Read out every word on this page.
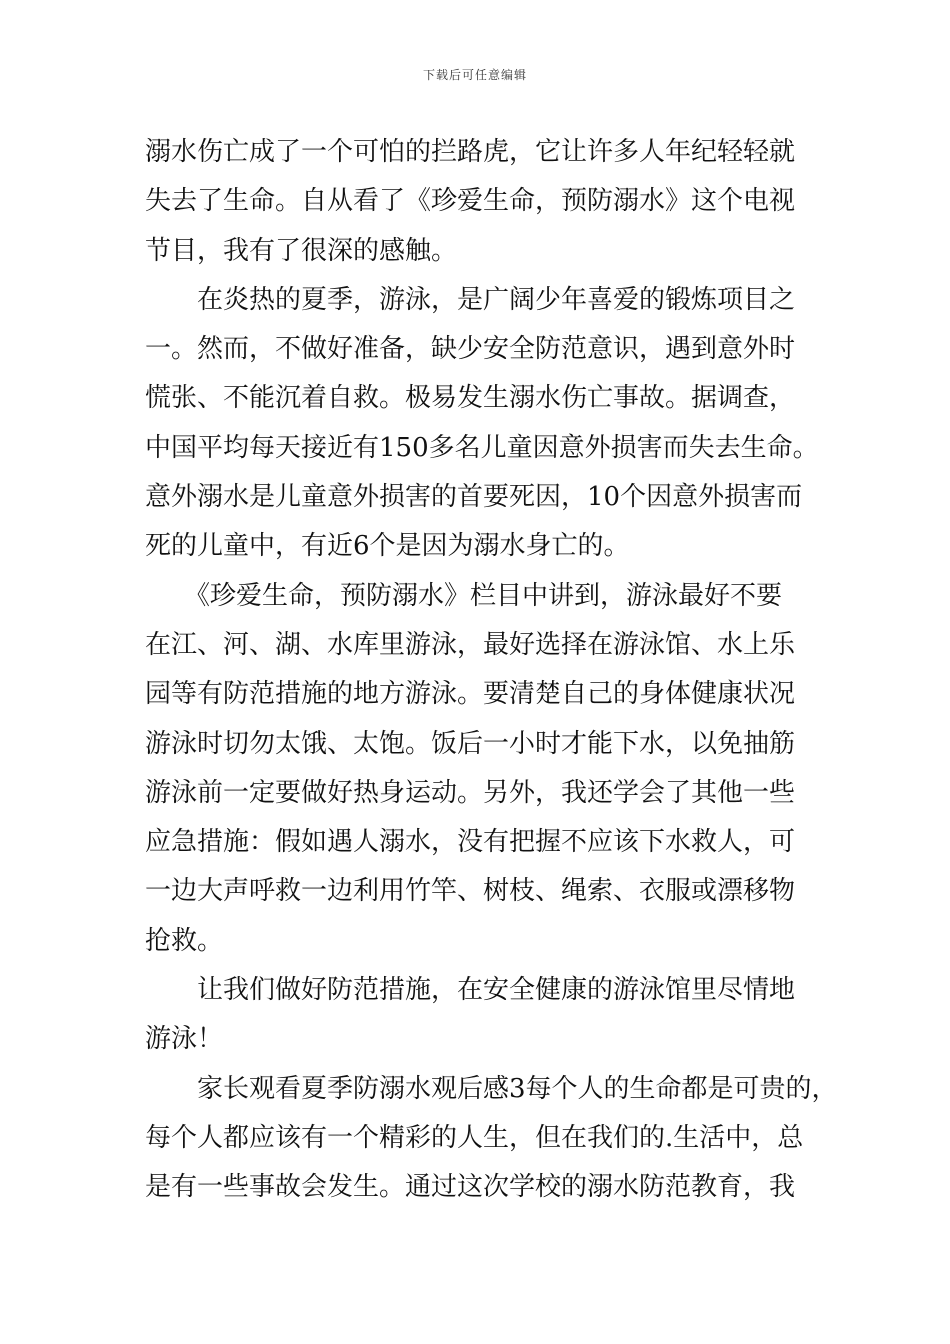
下载后可任意编辑
溺水伤亡成了一个可怕的拦路虎，它让许多人年纪轻轻就
失去了生命。自从看了《珍爱生命，预防溺水》这个电视
节目，我有了很深的感触。
　　在炎热的夏季，游泳，是广阔少年喜爱的锻炼项目之
一。然而，不做好准备，缺少安全防范意识，遇到意外时
慌张、不能沉着自救。极易发生溺水伤亡事故。据调查，
中国平均每天接近有150多名儿童因意外损害而失去生命。
意外溺水是儿童意外损害的首要死因，10个因意外损害而
死的儿童中，有近6个是因为溺水身亡的。
　　《珍爱生命，预防溺水》栏目中讲到，游泳最好不要
在江、河、湖、水库里游泳，最好选择在游泳馆、水上乐
园等有防范措施的地方游泳。要清楚自己的身体健康状况
游泳时切勿太饿、太饱。饭后一小时才能下水，以免抽筋
游泳前一定要做好热身运动。另外，我还学会了其他一些
应急措施：假如遇人溺水，没有把握不应该下水救人，可
一边大声呼救一边利用竹竿、树枝、绳索、衣服或漂移物
抢救。
　　让我们做好防范措施，在安全健康的游泳馆里尽情地
游泳！
　　家长观看夏季防溺水观后感3每个人的生命都是可贵的，
每个人都应该有一个精彩的人生，但在我们的.生活中，总
是有一些事故会发生。通过这次学校的溺水防范教育，我
